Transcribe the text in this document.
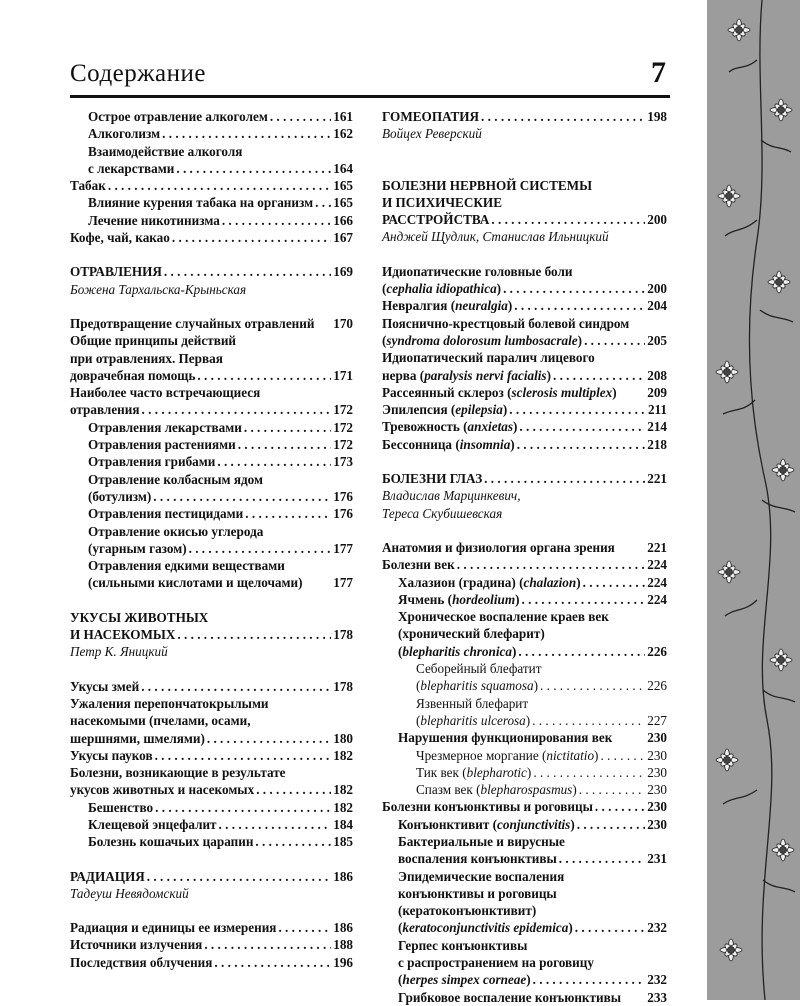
Содержание	7
Острое отравление алкоголем . . .	161
Алкоголизм . . .	162
Взаимодействие алкоголя
с лекарствами . . .	164
Табак . . .	165
Влияние курения табака на организм . . . 165
Лечение никотинизма . . .	166
Кофе, чай, какао . . .	167
ОТРАВЛЕНИЯ . . .	169
Божена Тархальска-Крыньская
Предотвращение случайных отравлений 170
Общие принципы действий
при отравлениях. Первая
доврачебная помощь . . .	171
Наиболее часто встречающиеся
отравления . . .	172
Отравления лекарствами . . .	172
Отравления растениями . . .	172
Отравления грибами . . .	173
Отравление колбасным ядом
(ботулизм) . . .	176
Отравления пестицидами . . .	176
Отравление окисью углерода
(угарным газом) . . .	177
Отравления едкими веществами
(сильными кислотами и щелочами) 177
УКУСЫ ЖИВОТНЫХ
И НАСЕКОМЫХ . . .	178
Петр К. Яницкий
Укусы змей . . .	178
Ужаления перепончатокрылыми
насекомыми (пчелами, осами,
шершнями, шмелями) . . .	180
Укусы пауков . . .	182
Болезни, возникающие в результате
укусов животных и насекомых . . .	182
Бешенство . . .	182
Клещевой энцефалит . . .	184
Болезнь кошачьих царапин . . .	185
РАДИАЦИЯ . . .	186
Тадеуш Невядомский
Радиация и единицы ее измерения . . .	186
Источники излучения . . .	188
Последствия облучения . . .	196
ГОМЕОПАТИЯ . . .	198
Войцех Реверский
БОЛЕЗНИ НЕРВНОЙ СИСТЕМЫ
И ПСИХИЧЕСКИЕ
РАССТРОЙСТВА . . .	200
Анджей Щудлик, Станислав Ильницкий
Идиопатические головные боли
(cephalia idiopathica) . . .	200
Невралгия (neuralgia) . . .	204
Пояснично-крестцовый болевой синдром
(syndroma dolorosum lumbosacrale) . . .	205
Идиопатический паралич лицевого
нерва (paralysis nervi facialis) . . .	208
Рассеянный склероз (sclerosis multiplex) 209
Эпилепсия (epilepsia) . . .	211
Тревожность (anxietas) . . .	214
Бессонница (insomnia) . . .	218
БОЛЕЗНИ ГЛАЗ . . .	221
Владислав Марцинкевич,
Тереса Скубишевская
Анатомия и физиология органа зрения 221
Болезни век . . .	224
Халазион (градина) (chalazion) . . .	224
Ячмень (hordeolium) . . .	224
Хроническое воспаление краев век
(хронический блефарит)
(blepharitis chronica) . . .	226
Себорейный блефатит
(blepharitis squamosa) . . .	226
Язвенный блефарит
(blepharitis ulcerosa) . . .	227
Нарушения функционирования век	230
Чрезмерное моргание (nictitatio) . . .	230
Тик век (blepharotic) . . .	230
Спазм век (blepharospasmus) . . .	230
Болезни конъюнктивы и роговицы . . .	230
Конъюнктивит (conjunctivitis) . . .	230
Бактериальные и вирусные
воспаления конъюнктивы . . .	231
Эпидемические воспаления
конъюнктивы и роговицы
(кератоконъюнктивит)
(keratoconjunctivitis epidemica) . . .	232
Герпес конъюнктивы
с распространением на роговицу
(herpes simpex corneae) . . .	232
Грибковое воспаление конъюнктивы 233
